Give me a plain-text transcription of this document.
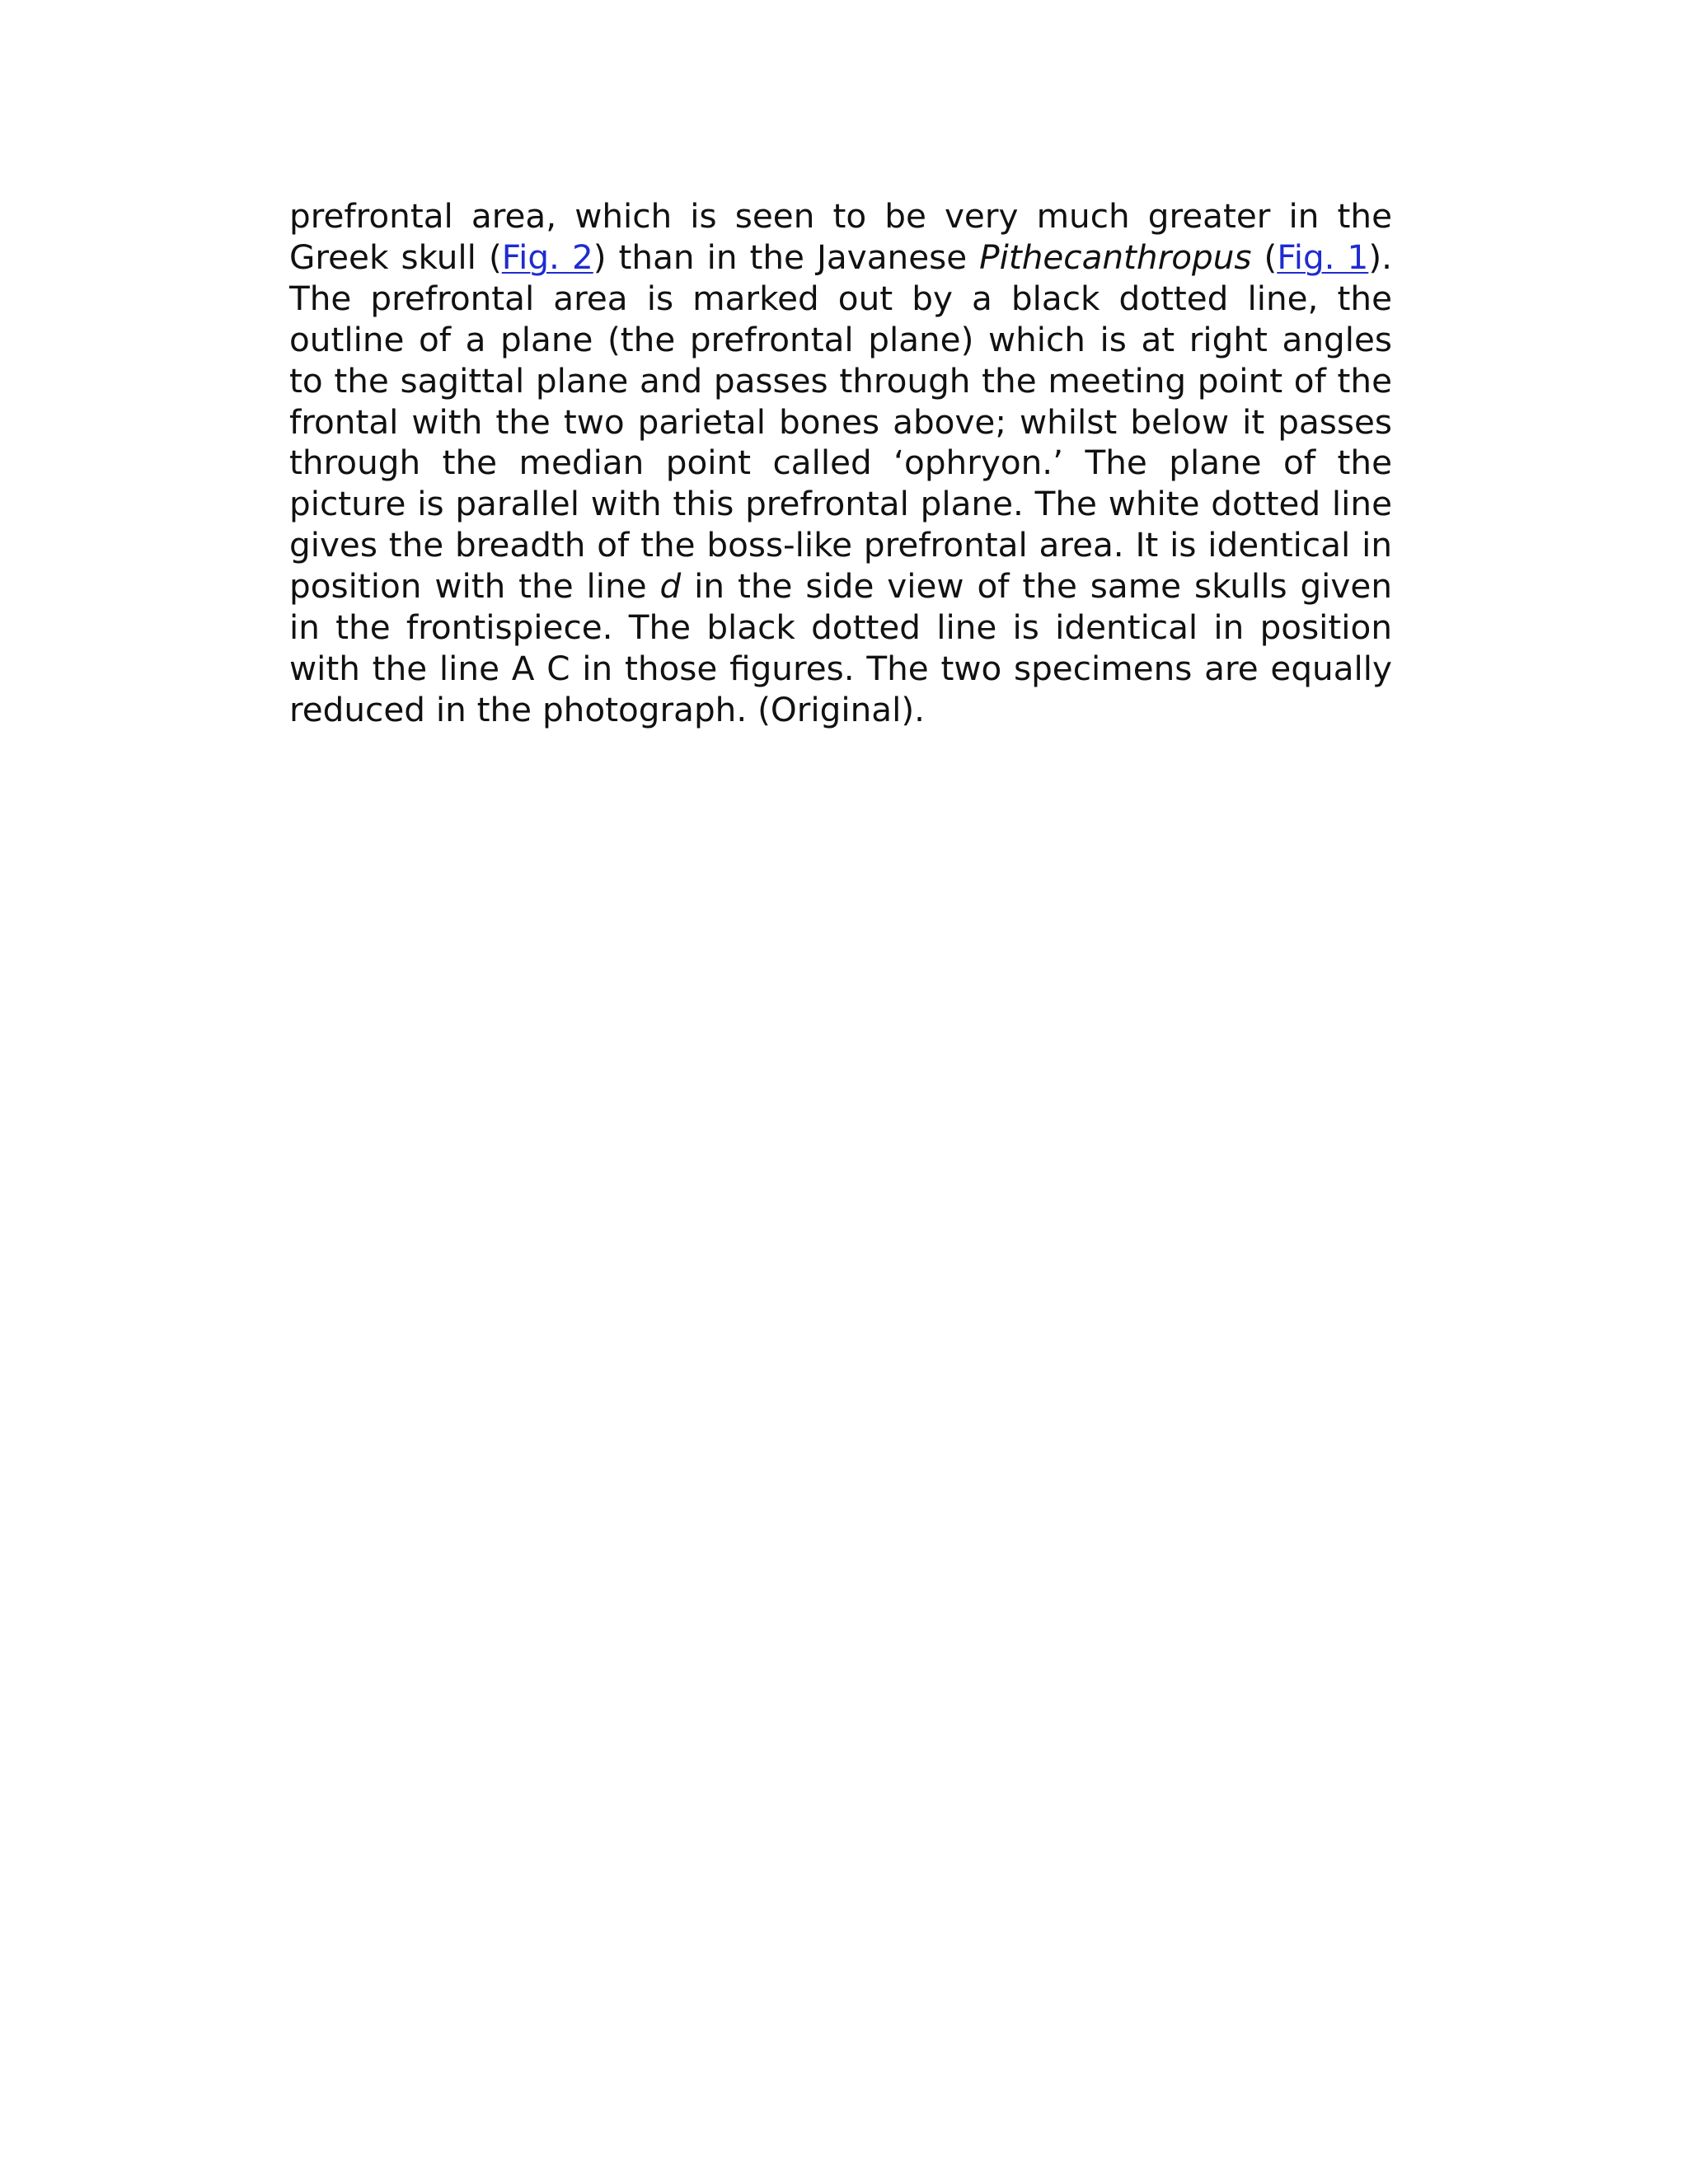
prefrontal area, which is seen to be very much greater in the Greek skull (Fig. 2) than in the Javanese Pithecanthropus (Fig. 1). The prefrontal area is marked out by a black dotted line, the outline of a plane (the prefrontal plane) which is at right angles to the sagittal plane and passes through the meeting point of the frontal with the two parietal bones above; whilst below it passes through the median point called ‘ophryon.’ The plane of the picture is parallel with this prefrontal plane. The white dotted line gives the breadth of the boss-like prefrontal area. It is identical in position with the line d in the side view of the same skulls given in the frontispiece. The black dotted line is identical in position with the line A C in those figures. The two specimens are equally reduced in the photograph. (Original).
